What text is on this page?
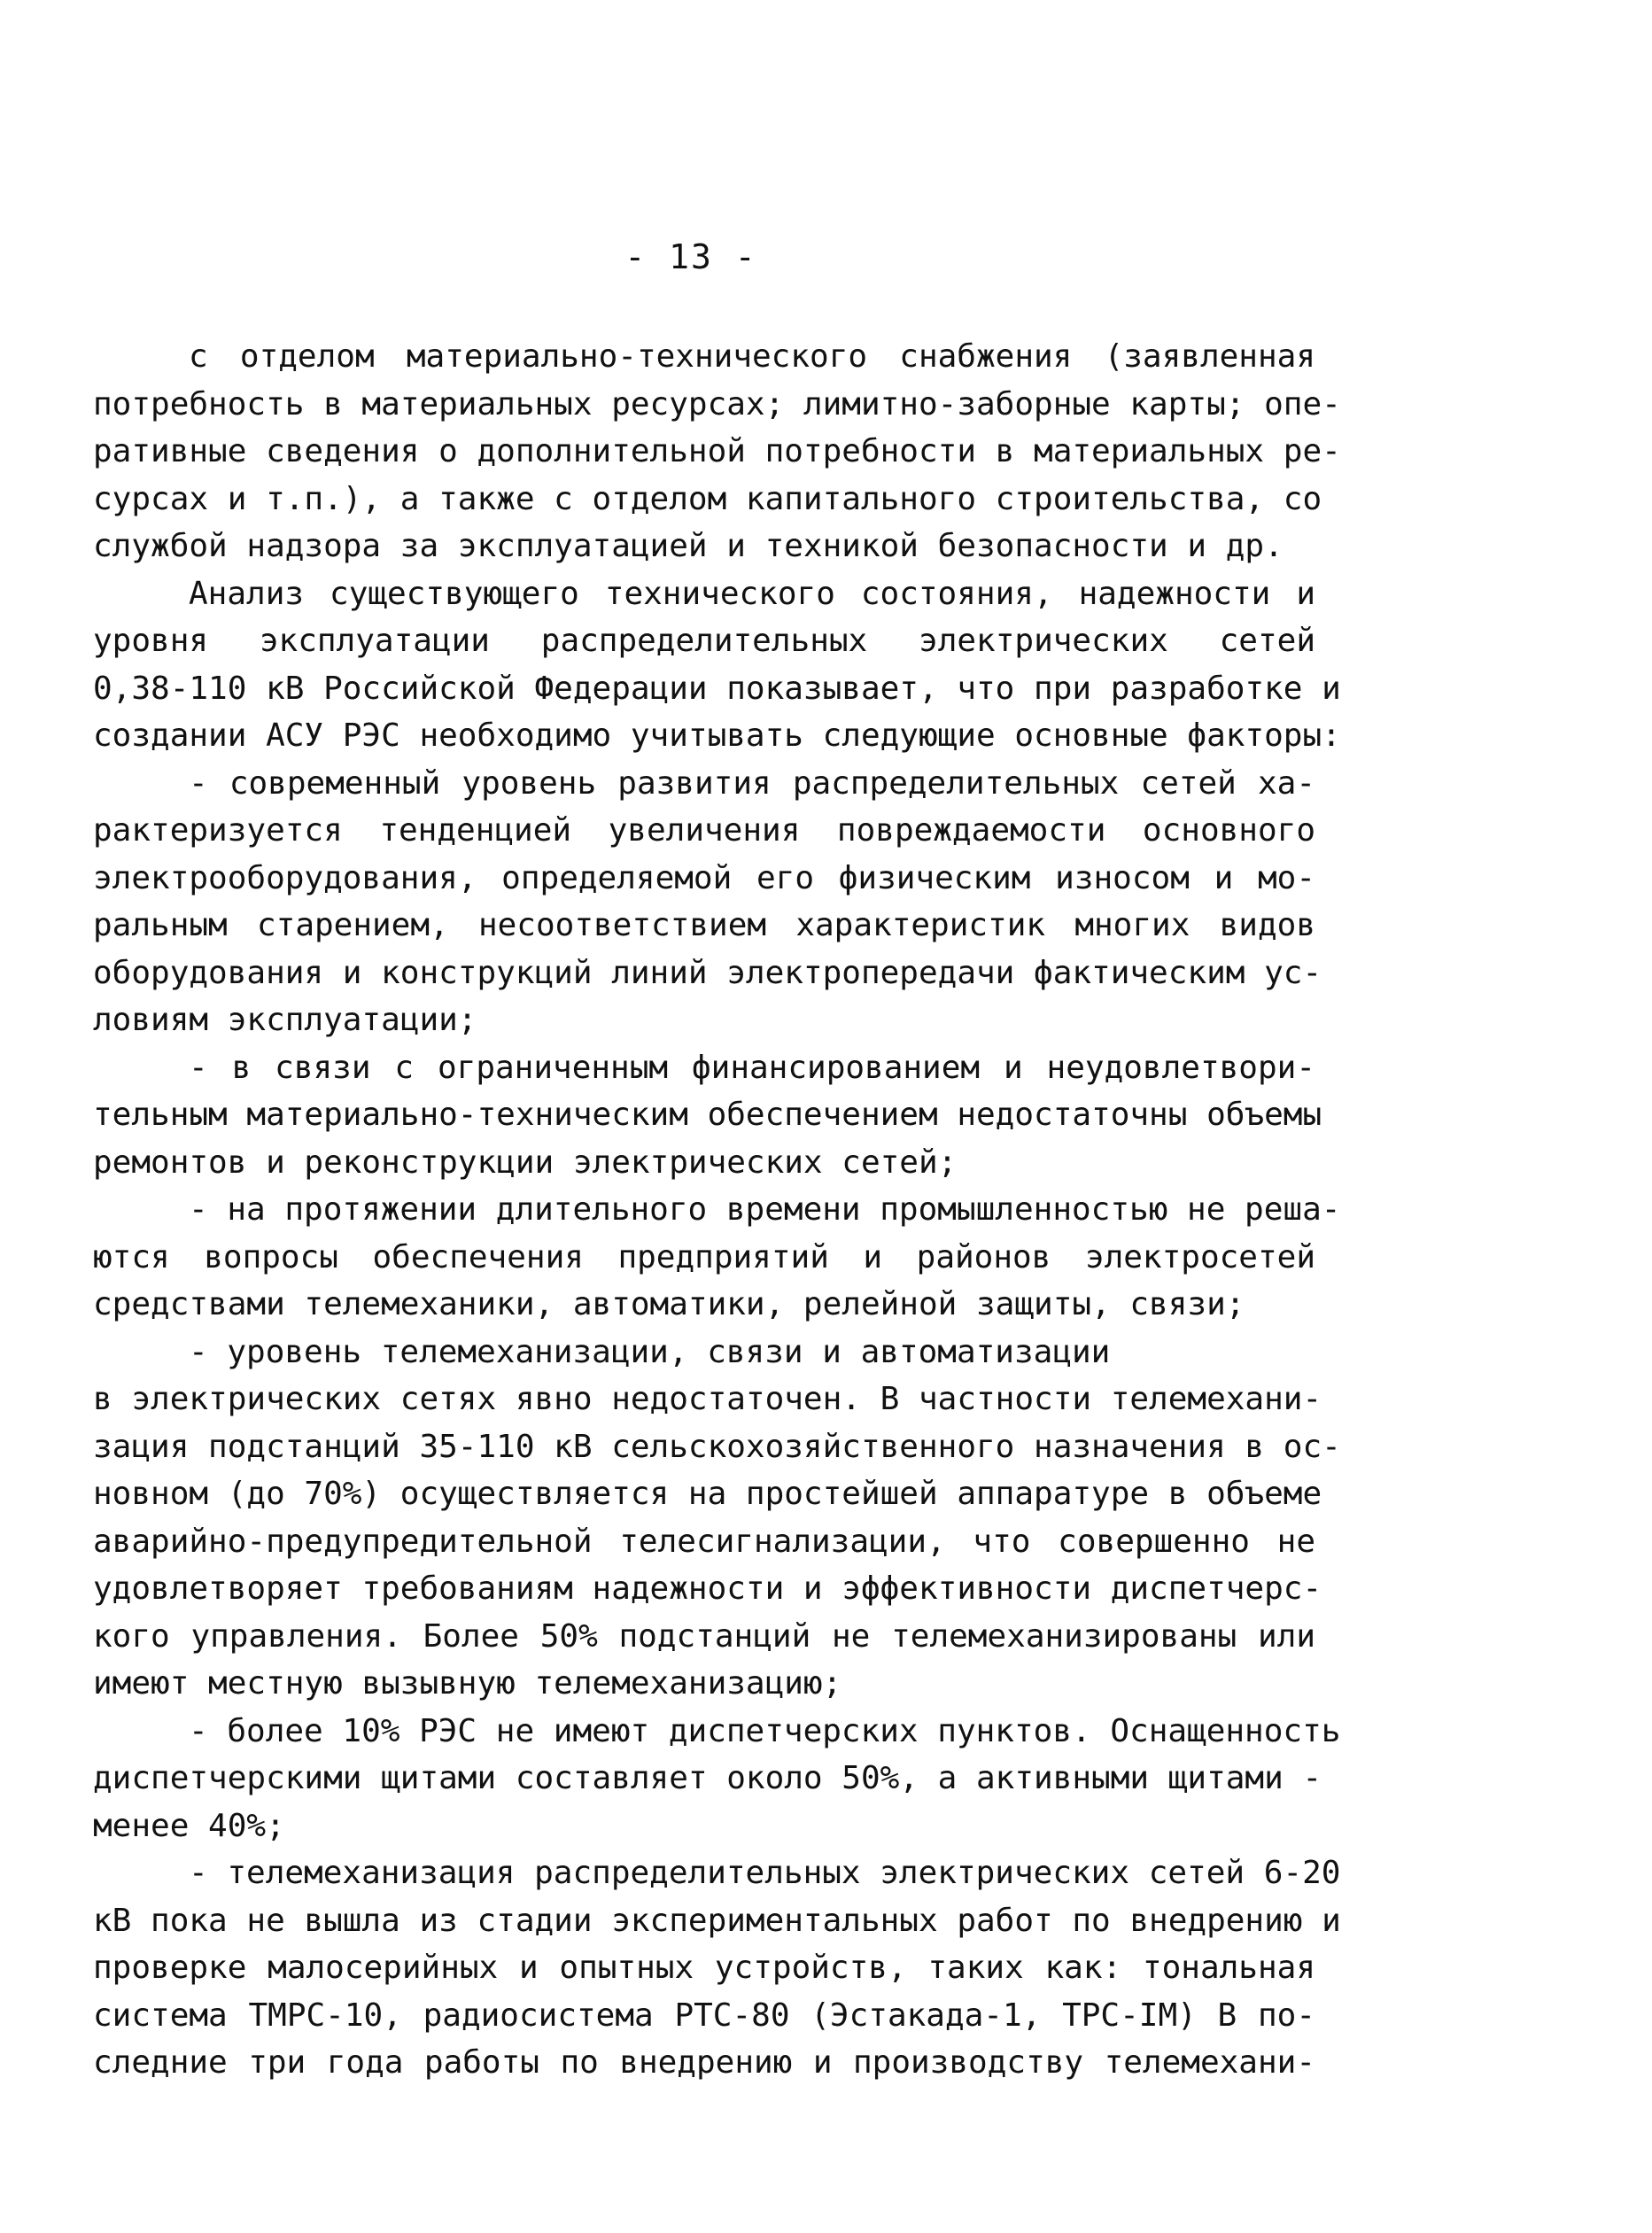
- 13 -
с отделом материально-технического снабжения (заявленная
потребность в материальных ресурсах; лимитно-заборные карты; опе-
ративные сведения о дополнительной потребности в материальных ре-
сурсах и т.п.), а также с отделом капитального строительства, со
службой надзора за эксплуатацией и техникой безопасности и др.
Анализ существующего технического состояния, надежности и
уровня эксплуатации распределительных электрических сетей
0,38-110 кВ Российской Федерации показывает, что при разработке и
создании АСУ РЭС необходимо учитывать следующие основные факторы:
- современный уровень развития распределительных сетей ха-
рактеризуется тенденцией увеличения повреждаемости основного
электрооборудования, определяемой его физическим износом и мо-
ральным старением, несоответствием характеристик многих видов
оборудования и конструкций линий электропередачи фактическим ус-
ловиям эксплуатации;
- в связи с ограниченным финансированием и неудовлетвори-
тельным материально-техническим обеспечением недостаточны объемы
ремонтов и реконструкции электрических сетей;
- на протяжении длительного времени промышленностью не реша-
ются вопросы обеспечения предприятий и районов электросетей
средствами телемеханики, автоматики, релейной защиты, связи;
- уровень телемеханизации, связи и автоматизации
в электрических сетях явно недостаточен. В частности телемехани-
зация подстанций 35-110 кВ сельскохозяйственного назначения в ос-
новном (до 70%) осуществляется на простейшей аппаратуре в объеме
аварийно-предупредительной телесигнализации, что совершенно не
удовлетворяет требованиям надежности и эффективности диспетчерс-
кого управления. Более 50% подстанций не телемеханизированы или
имеют местную вызывную телемеханизацию;
- более 10% РЭС не имеют диспетчерских пунктов. Оснащенность
диспетчерскими щитами составляет около 50%, а активными щитами -
менее 40%;
- телемеханизация распределительных электрических сетей 6-20
кВ пока не вышла из стадии экспериментальных работ по внедрению и
проверке малосерийных и опытных устройств, таких как: тональная
система ТМРС-10, радиосистема РТС-80 (Эстакада-1, ТРС-IM) В по-
следние три года работы по внедрению и производству телемехани-
